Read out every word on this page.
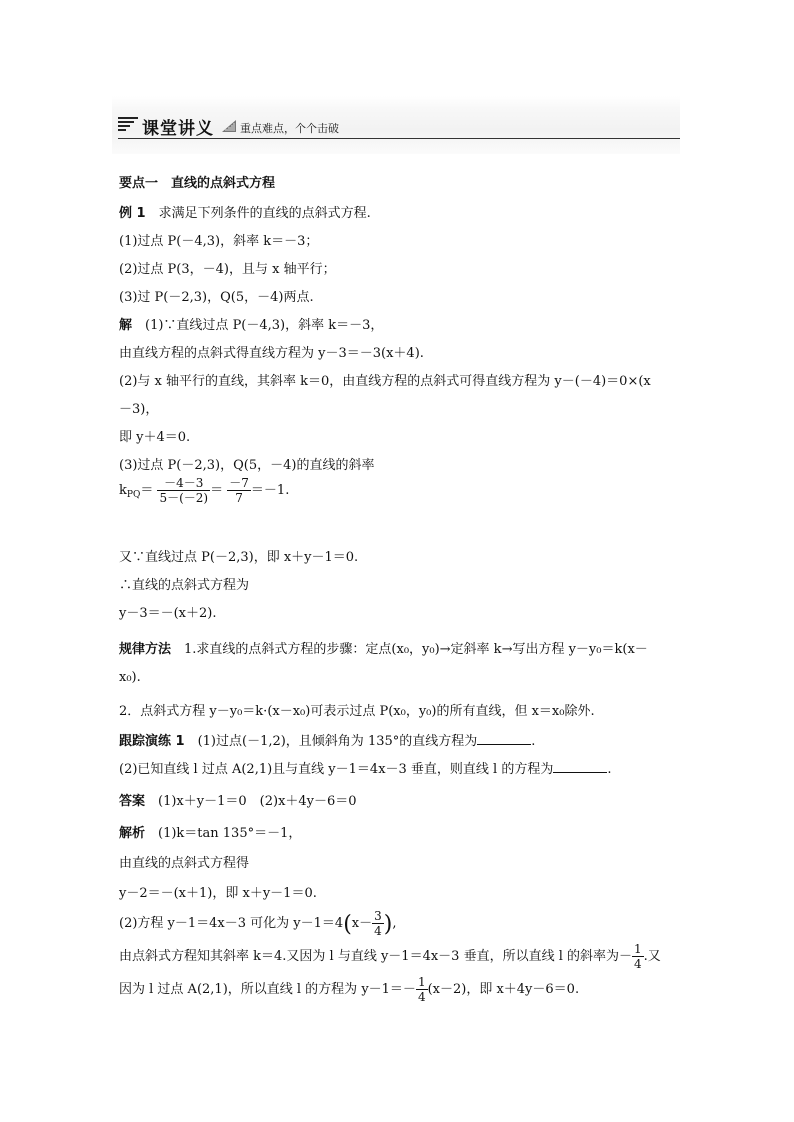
课堂讲义 重点难点，个个击破
要点一　直线的点斜式方程
例 1　求满足下列条件的直线的点斜式方程.
(1)过点 P(－4,3)，斜率 k＝－3；
(2)过点 P(3，－4)，且与 x 轴平行；
(3)过 P(－2,3)，Q(5，－4)两点.
解　(1)∵直线过点 P(－4,3)，斜率 k＝－3，
由直线方程的点斜式得直线方程为 y－3＝－3(x＋4).
(2)与 x 轴平行的直线，其斜率 k＝0，由直线方程的点斜式可得直线方程为 y－(－4)＝0×(x
－3)，
即 y＋4＝0.
(3)过点 P(－2,3)，Q(5，－4)的直线的斜率
$k_{PQ}= \frac{-4-3}{5-(-2)} = \frac{-7}{7} =-1$.
又∵直线过点 P(－2,3)，即 x＋y－1＝0.
∴直线的点斜式方程为
y－3＝－(x＋2).
规律方法　1.求直线的点斜式方程的步骤：定点(x₀，y₀)→定斜率 k→写出方程 y－y₀＝k(x－
x₀).
2．点斜式方程 y－y₀＝k·(x－x₀)可表示过点 P(x₀，y₀)的所有直线，但 x＝x₀除外.
跟踪演练 1　(1)过点(－1,2)，且倾斜角为 135°的直线方程为	.
(2)已知直线 l 过点 A(2,1)且与直线 y－1＝4x－3 垂直，则直线 l 的方程为	.
答案　(1)x＋y－1＝0　(2)x＋4y－6＝0
解析　(1)k＝tan 135°＝－1，
由直线的点斜式方程得
y－2＝－(x＋1)，即 x＋y－1＝0.
(2)方程 y－1＝4x－3 可化为 $y-1=4(x- \frac{3}{4}$ ),
由点斜式方程知其斜率 k＝4.又因为 l 与直线 y－1＝4x－3 垂直，所以直线 l 的斜率为－ $\frac{1}{4}$ .又
因为 l 过点 A(2,1)，所以直线 l 的方程为 $y-1=- \frac{1}{4} (x-2)$，即 x＋4y－6＝0.
